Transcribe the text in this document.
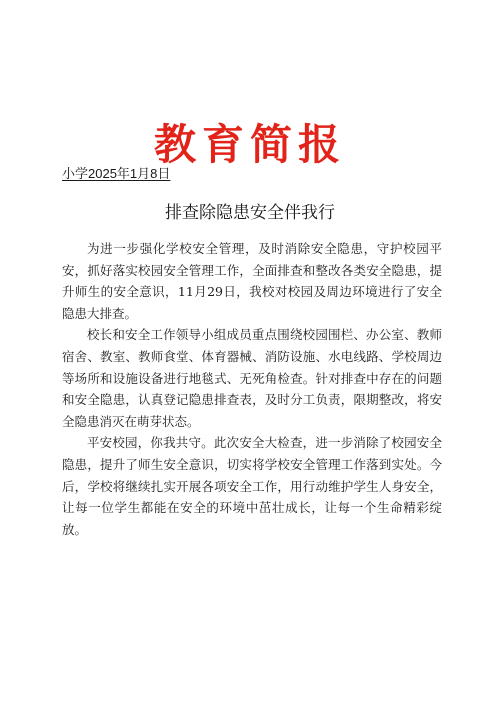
教育简报
小学2025年1月8日
排查除隐患安全伴我行

为进一步强化学校安全管理，及时消除安全隐患，守护校园平安，抓好落实校园安全管理工作，全面排查和整改各类安全隐患，提升师生的安全意识，11月29日，我校对校园及周边环境进行了安全隐患大排查。

校长和安全工作领导小组成员重点围绕校园围栏、办公室、教师宿舍、教室、教师食堂、体育器械、消防设施、水电线路、学校周边等场所和设施设备进行地毯式、无死角检查。针对排查中存在的问题和安全隐患，认真登记隐患排查表，及时分工负责，限期整改，将安全隐患消灭在萌芽状态。

平安校园，你我共守。此次安全大检查，进一步消除了校园安全隐患，提升了师生安全意识，切实将学校安全管理工作落到实处。今后，学校将继续扎实开展各项安全工作，用行动维护学生人身安全，让每一位学生都能在安全的环境中茁壮成长，让每一个生命精彩绽放。
